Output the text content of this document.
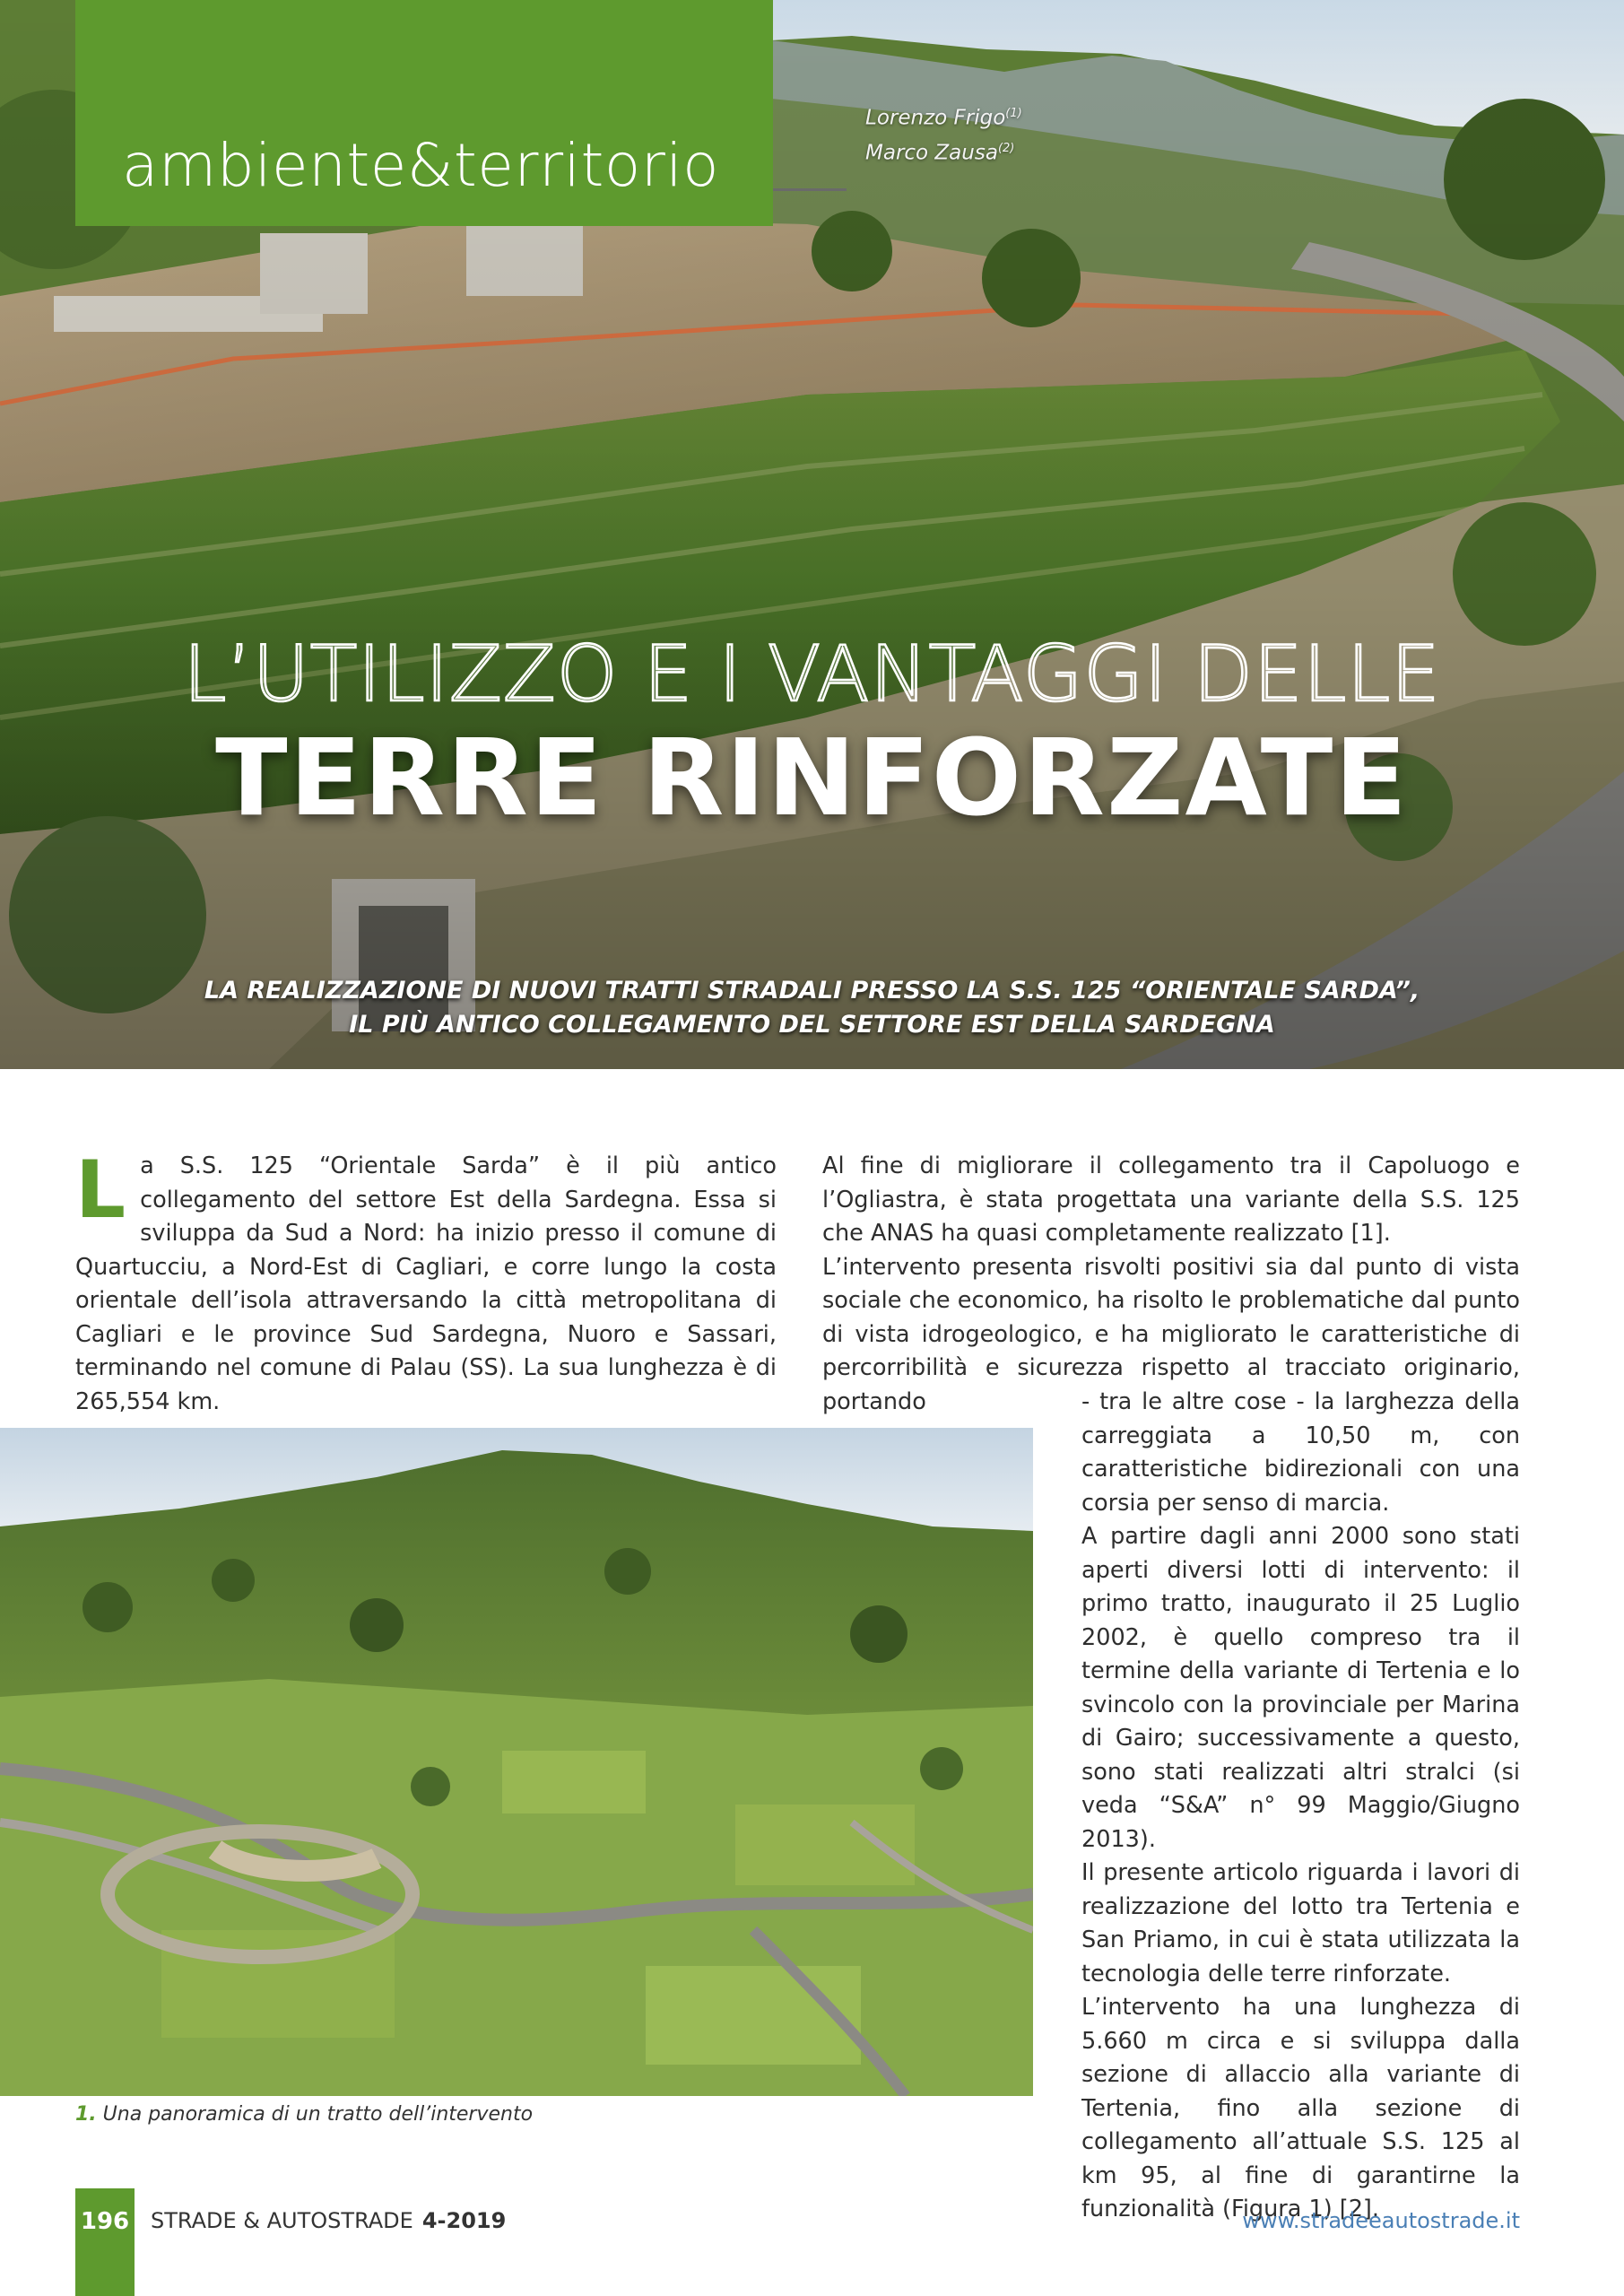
ambiente&territorio
Lorenzo Frigo$^{(1)}$
Marco Zausa$^{(2)}$
L’UTILIZZO E I VANTAGGI DELLE
TERRE RINFORZATE
LA REALIZZAZIONE DI NUOVI TRATTI STRADALI PRESSO LA S.S. 125 “ORIENTALE SARDA”,
IL PIÙ ANTICO COLLEGAMENTO DEL SETTORE EST DELLA SARDEGNA

La S.S. 125 “Orientale Sarda” è il più antico collegamento del settore Est della Sardegna. Essa si sviluppa da Sud a Nord: ha inizio presso il comune di Quartucciu, a Nord-Est di Cagliari, e corre lungo la costa orientale dell’isola attraversando la città metropolitana di Cagliari e le province Sud Sardegna, Nuoro e Sassari, terminando nel comune di Palau (SS). La sua lunghezza è di 265,554 km.

Al fine di migliorare il collegamento tra il Capoluogo e l’Ogliastra, è stata progettata una variante della S.S. 125 che ANAS ha quasi completamente realizzato [1].

L’intervento presenta risvolti positivi sia dal punto di vista sociale che economico, ha risolto le problematiche dal punto di vista idrogeologico, e ha migliorato le caratteristiche di percorribilità e sicurezza rispetto al tracciato originario, portando	- tra le altre cose - la larghezza della carreggiata a 10,50 m, con caratteristiche bidirezionali con una corsia per senso di marcia.

A partire dagli anni 2000 sono stati aperti diversi lotti di intervento: il primo tratto, inaugurato il 25 Luglio 2002, è quello compreso tra il termine della variante di Tertenia e lo svincolo con la provinciale per Marina di Gairo; successivamente a questo, sono stati realizzati altri stralci (si veda “S&A” n° 99 Maggio/Giugno 2013).

Il presente articolo riguarda i lavori di realizzazione del lotto tra Tertenia e San Priamo, in cui è stata utilizzata la tecnologia delle terre rinforzate.

L’intervento ha una lunghezza di 5.660 m circa e si sviluppa dalla sezione di allaccio alla variante di Tertenia, fino alla sezione di collegamento all’attuale S.S. 125 al km 95, al fine di garantirne la funzionalità (Figura 1) [2].

1. Una panoramica di un tratto dell’intervento
196 STRADE & AUTOSTRADE 4-2019	www.stradeeautostrade.it
